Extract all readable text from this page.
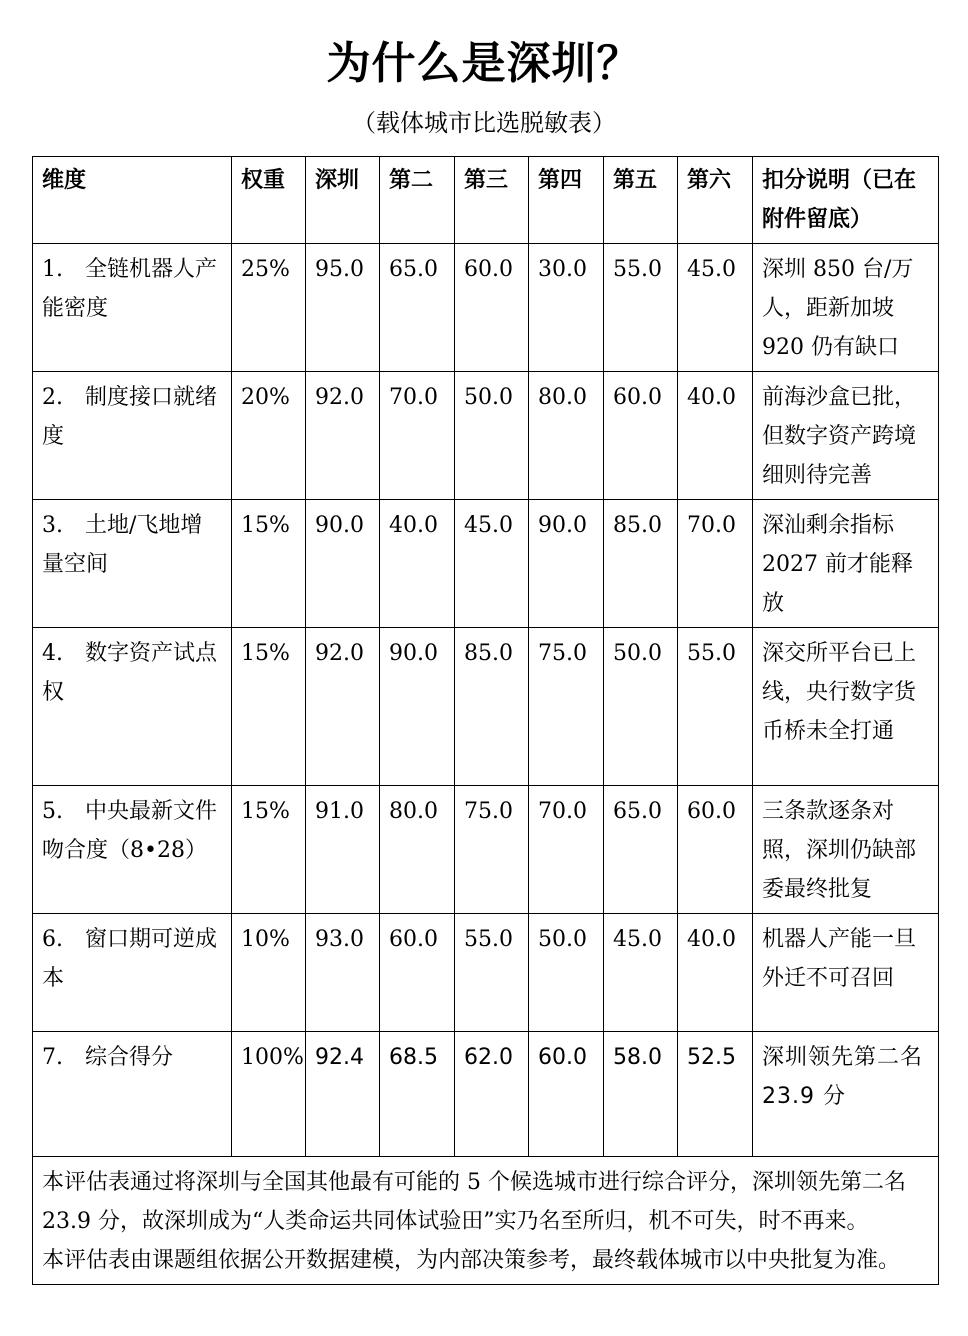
为什么是深圳？
（载体城市比选脱敏表）
维度	权重	深圳	第二	第三	第四	第五	第六	扣分说明（已在附件留底）
1.　全链机器人产能密度	25%	95.0	65.0	60.0	30.0	55.0	45.0	深圳 850 台/万人，距新加坡 920 仍有缺口
2.　制度接口就绪度	20%	92.0	70.0	50.0	80.0	60.0	40.0	前海沙盒已批，但数字资产跨境细则待完善
3.　土地/飞地增量空间	15%	90.0	40.0	45.0	90.0	85.0	70.0	深汕剩余指标 2027 前才能释放
4.　数字资产试点权	15%	92.0	90.0	85.0	75.0	50.0	55.0	深交所平台已上线，央行数字货币桥未全打通
5.　中央最新文件吻合度（8•28）	15%	91.0	80.0	75.0	70.0	65.0	60.0	三条款逐条对照，深圳仍缺部委最终批复
6.　窗口期可逆成本	10%	93.0	60.0	55.0	50.0	45.0	40.0	机器人产能一旦外迁不可召回
7.　综合得分	100%	92.4	68.5	62.0	60.0	58.0	52.5	深圳领先第二名 23.9 分

本评估表通过将深圳与全国其他最有可能的 5 个候选城市进行综合评分，深圳领先第二名 23.9 分，故深圳成为“人类命运共同体试验田”实乃名至所归，机不可失，时不再来。
本评估表由课题组依据公开数据建模，为内部决策参考，最终载体城市以中央批复为准。								
